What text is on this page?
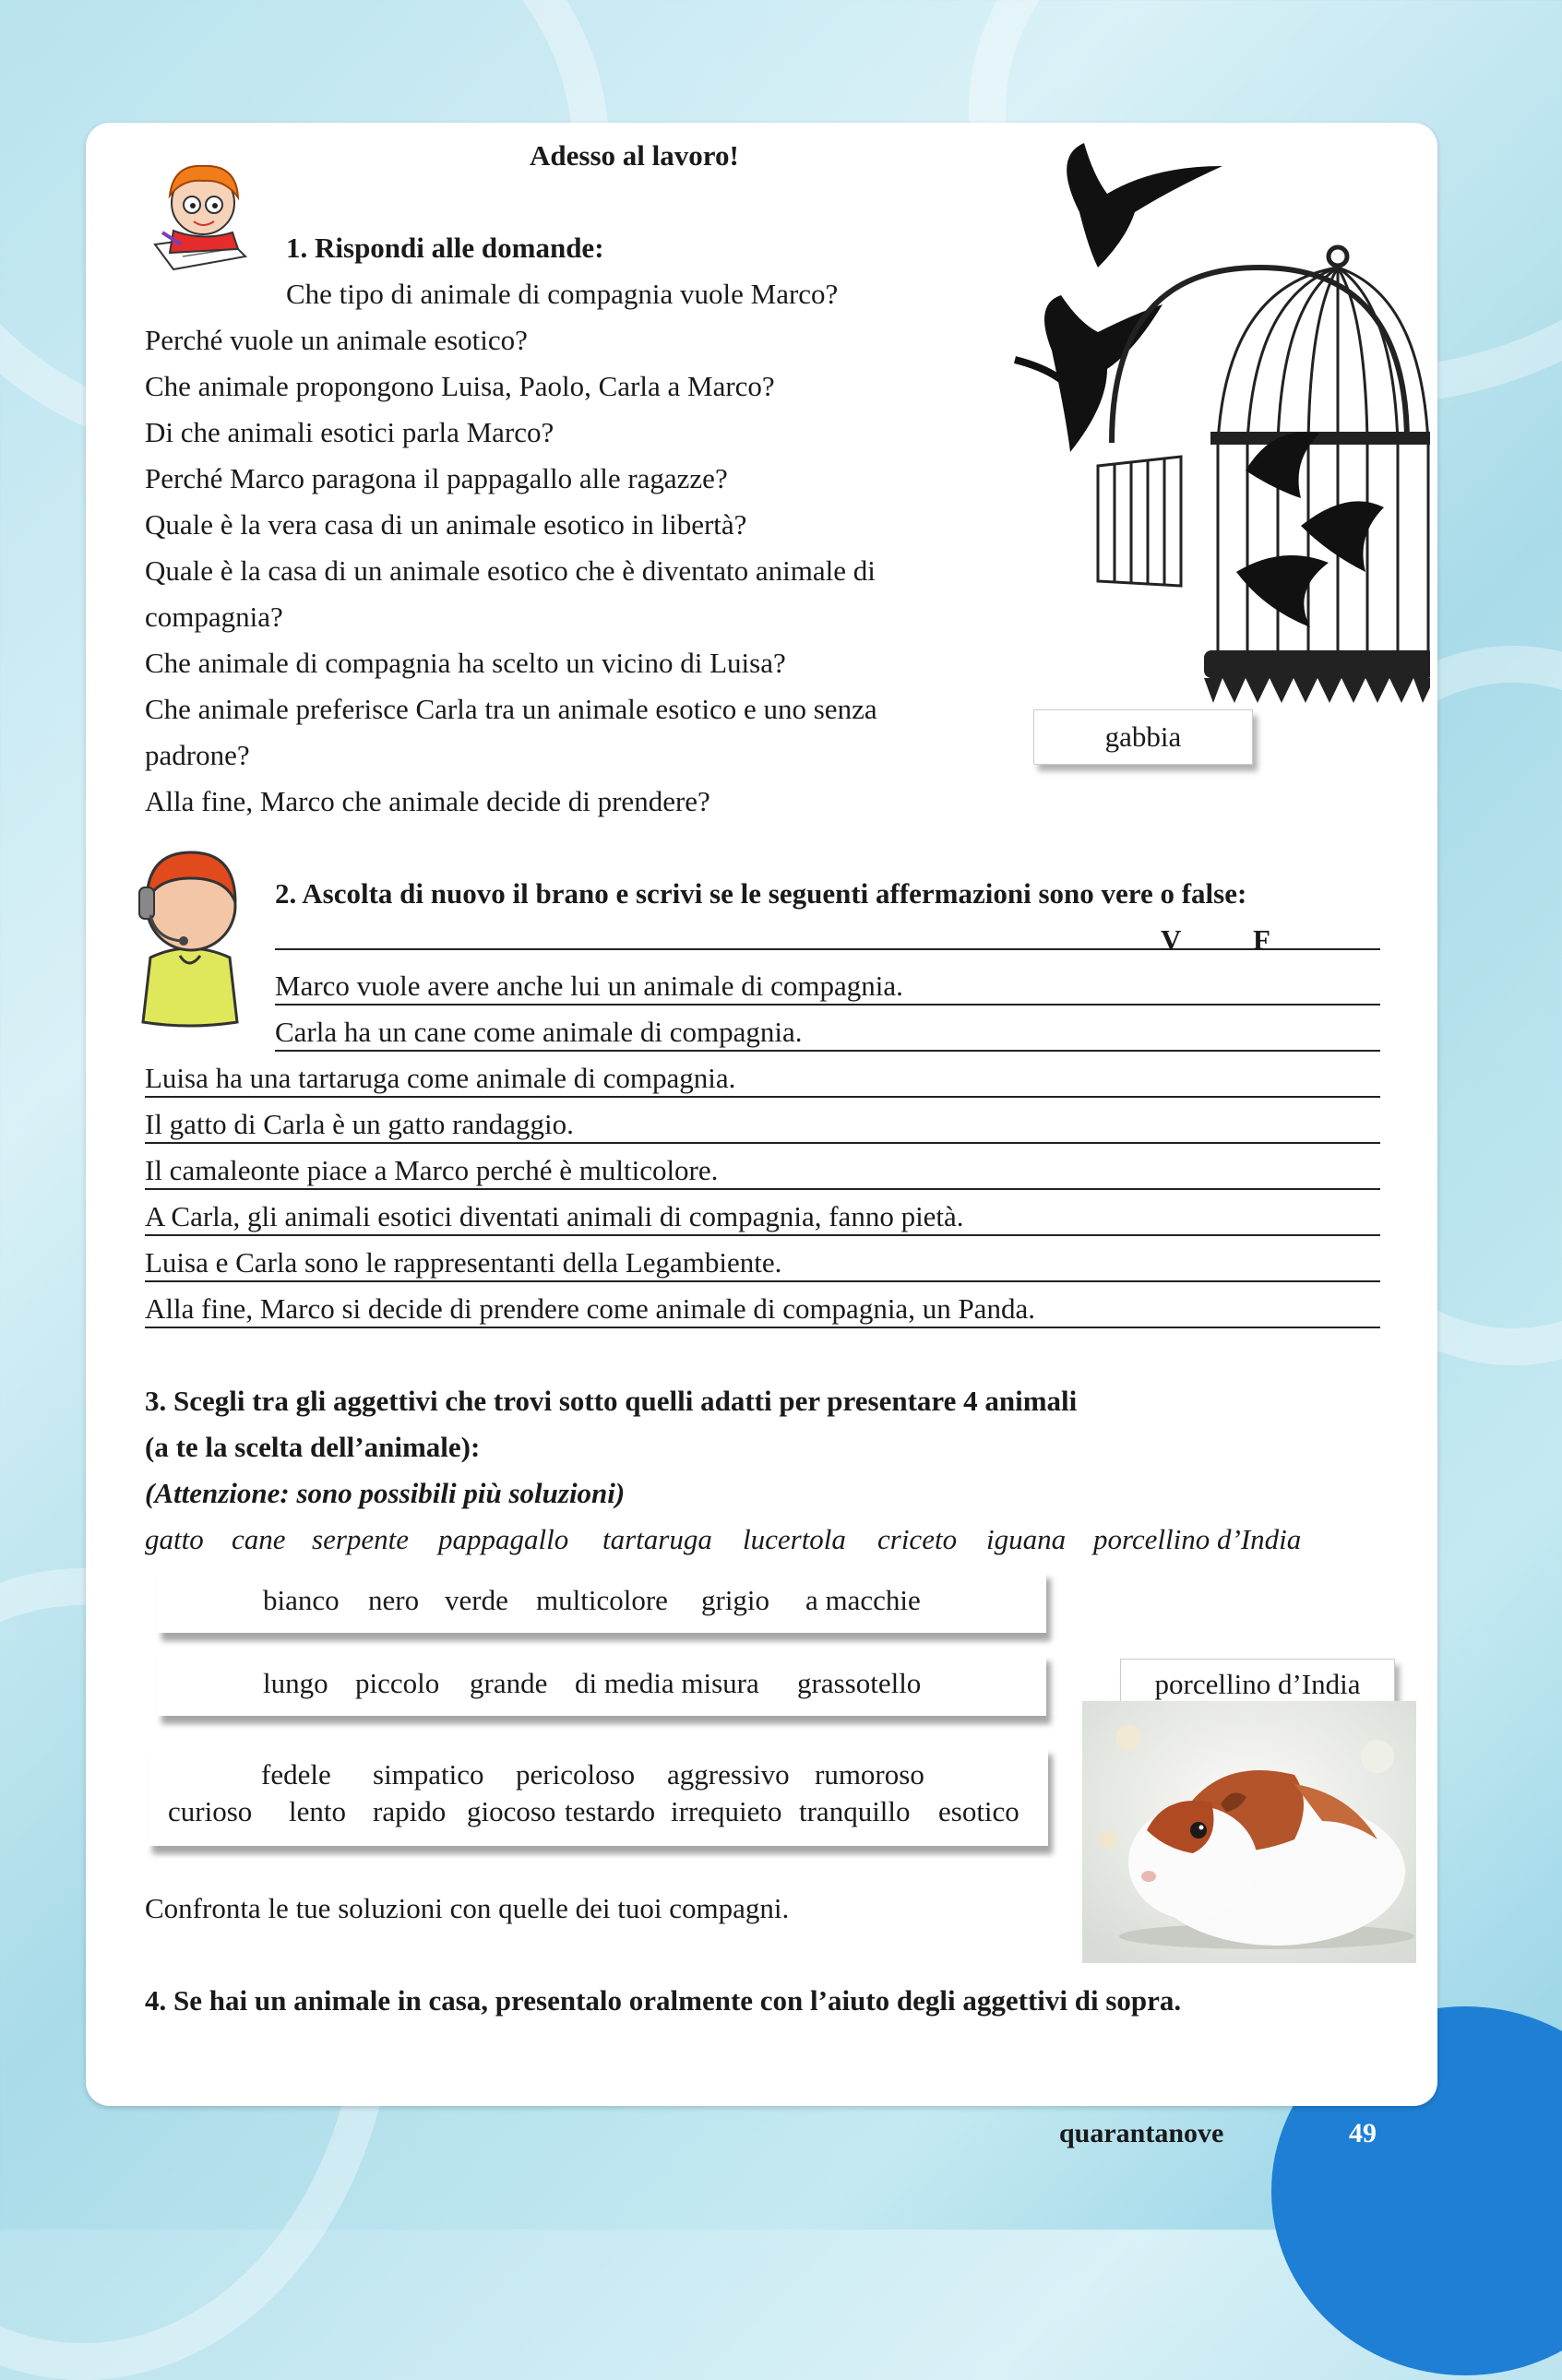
Adesso al lavoro!
1. Rispondi alle domande:
Che tipo di animale di compagnia vuole Marco?
Perché vuole un animale esotico?
Che animale propongono Luisa, Paolo, Carla a Marco?
Di che animali esotici parla Marco?
Perché Marco paragona il pappagallo alle ragazze?
Quale è la vera casa di un animale esotico in libertà?
Quale è la casa di un animale esotico che è diventato animale di
compagnia?
Che animale di compagnia ha scelto un vicino di Luisa?
Che animale preferisce Carla tra un animale esotico e uno senza
padrone?
Alla fine, Marco che animale decide di prendere?
gabbia
2. Ascolta di nuovo il brano e scrivi se le seguenti affermazioni sono vere o false:
V	F
Marco vuole avere anche lui un animale di compagnia.
Carla ha un cane come animale di compagnia.
Luisa ha una tartaruga come animale di compagnia.
Il gatto di Carla è un gatto randaggio.
Il camaleonte piace a Marco perché è multicolore.
A Carla, gli animali esotici diventati animali di compagnia, fanno pietà.
Luisa e Carla sono le rappresentanti della Legambiente.
Alla fine, Marco si decide di prendere come animale di compagnia, un Panda.
3. Scegli tra gli aggettivi che trovi sotto quelli adatti per presentare 4 animali
(a te la scelta dell’animale):
(Attenzione: sono possibili più soluzioni)
gatto cane serpente pappagallo tartaruga lucertola criceto iguana porcellino d’India
bianco nero verde multicolore grigio a macchie
lungo piccolo grande di media misura grassotello
fedele simpatico pericoloso aggressivo rumoroso
curioso lento rapido giocoso testardo irrequieto tranquillo esotico
Confronta le tue soluzioni con quelle dei tuoi compagni.
porcellino d’India
4. Se hai un animale in casa, presentalo oralmente con l’aiuto degli aggettivi di sopra.
quarantanove	49
